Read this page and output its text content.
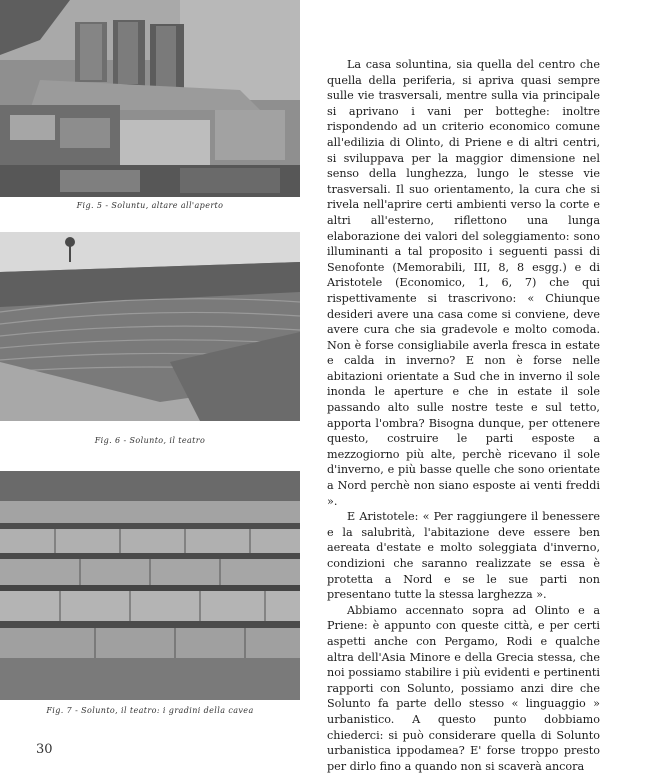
Fig. 5 - Soluntu, altare all'aperto
Fig. 6 - Solunto, il teatro
Fig. 7 - Solunto, il teatro: i gradini della cavea
30

La casa soluntina, sia quella del centro che quella della periferia, si apriva quasi sempre sulle vie trasversali, mentre sulla via principale si aprivano i vani per botteghe: inoltre rispondendo ad un criterio economico comune all'edilizia di Olinto, di Priene e di altri centri, si sviluppava per la maggior dimensione nel senso della lunghezza, lungo le stesse vie trasversali. Il suo orientamento, la cura che si rivela nell'aprire certi ambienti verso la corte e altri all'esterno, riflettono una lunga elaborazione dei valori del soleggiamento: sono illuminanti a tal proposito i seguenti passi di Senofonte (Memorabili, III, 8, 8 esgg.) e di Aristotele (Economico, 1, 6, 7) che qui rispettivamente si trascrivono: « Chiunque desideri avere una casa come si conviene, deve avere cura che sia gradevole e molto comoda. Non è forse consigliabile averla fresca in estate e calda in inverno? E non è forse nelle abitazioni orientate a Sud che in inverno il sole inonda le aperture e che in estate il sole passando alto sulle nostre teste e sul tetto, apporta l'ombra? Bisogna dunque, per ottenere questo, costruire le parti esposte a mezzogiorno più alte, perchè ricevano il sole d'inverno, e più basse quelle che sono orientate a Nord perchè non siano esposte ai venti freddi ».

E Aristotele: « Per raggiungere il benessere e la salubrità, l'abitazione deve essere ben aereata d'estate e molto soleggiata d'inverno, condizioni che saranno realizzate se essa è protetta a Nord e se le sue parti non presentano tutte la stessa larghezza ».

Abbiamo accennato sopra ad Olinto e a Priene: è appunto con queste città, e per certi aspetti anche con Pergamo, Rodi e qualche altra dell'Asia Minore e della Grecia stessa, che noi possiamo stabilire i più evidenti e pertinenti rapporti con Solunto, possiamo anzi dire che Solunto fa parte dello stesso « linguaggio » urbanistico. A questo punto dobbiamo chiederci: si può considerare quella di Solunto urbanistica ippodamea? E' forse troppo presto per dirlo fino a quando non si scaverà ancora
